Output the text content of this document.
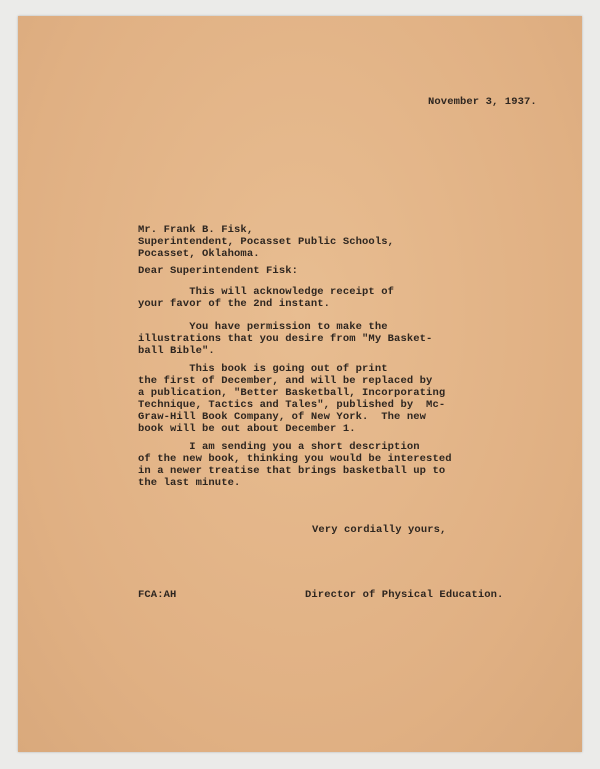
November 3, 1937.
Mr. Frank B. Fisk,
Superintendent, Pocasset Public Schools,
Pocasset, Oklahoma.
Dear Superintendent Fisk:
This will acknowledge receipt of
your favor of the 2nd instant.
You have permission to make the
illustrations that you desire from "My Basket-
ball Bible".
This book is going out of print
the first of December, and will be replaced by
a publication, "Better Basketball, Incorporating
Technique, Tactics and Tales", published by  Mc-
Graw-Hill Book Company, of New York.  The new
book will be out about December 1.
I am sending you a short description
of the new book, thinking you would be interested
in a newer treatise that brings basketball up to
the last minute.
Very cordially yours,
FCA:AH	Director of Physical Education.
